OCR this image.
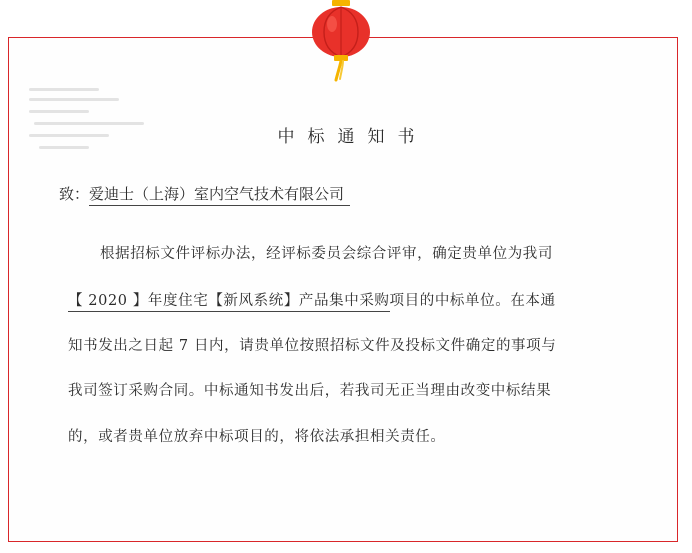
中标通知书
致：爱迪士（上海）室内空气技术有限公司
根据招标文件评标办法，经评标委员会综合评审，确定贵单位为我司
【 2020 】年度住宅【新风系统】产品集中采购项目的中标单位。在本通
知书发出之日起 7 日内，请贵单位按照招标文件及投标文件确定的事项与
我司签订采购合同。中标通知书发出后，若我司无正当理由改变中标结果
的，或者贵单位放弃中标项目的，将依法承担相关责任。
